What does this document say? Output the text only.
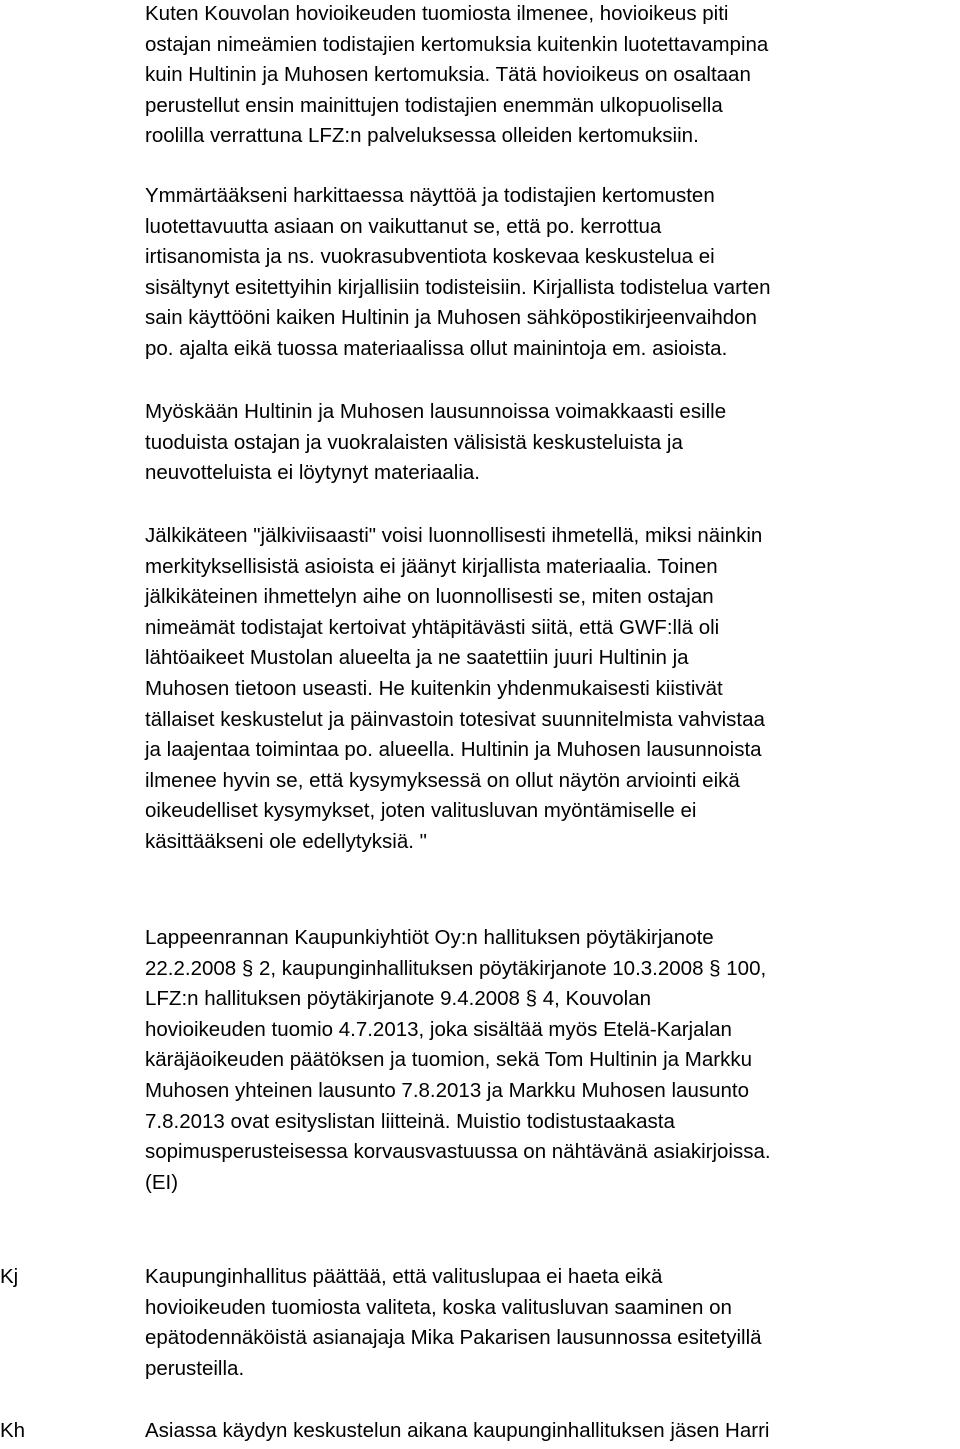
Kuten Kouvolan hovioikeuden tuomiosta ilmenee, hovioikeus piti
ostajan nimeämien todistajien kertomuksia kuitenkin luotettavampina
kuin Hultinin ja Muhosen kertomuksia. Tätä hovioikeus on osaltaan
perustellut ensin mainittujen todistajien enemmän ulkopuolisella
roolilla verrattuna LFZ:n palveluksessa olleiden kertomuksiin.
Ymmärtääkseni harkittaessa näyttöä ja todistajien kertomusten
luotettavuutta asiaan on vaikuttanut se, että po. kerrottua
irtisanomista ja ns. vuokrasubventiota koskevaa keskustelua ei
sisältynyt esitettyihin kirjallisiin todisteisiin. Kirjallista todistelua varten
sain käyttööni kaiken Hultinin ja Muhosen sähköpostikirjeenvaihdon
po. ajalta eikä tuossa materiaalissa ollut mainintoja em. asioista.
Myöskään Hultinin ja Muhosen lausunnoissa voimakkaasti esille
tuoduista ostajan ja vuokralaisten välisistä keskusteluista ja
neuvotteluista ei löytynyt materiaalia.
Jälkikäteen "jälkiviisaasti" voisi luonnollisesti ihmetellä, miksi näinkin
merkityksellisistä asioista ei jäänyt kirjallista materiaalia. Toinen
jälkikäteinen ihmettelyn aihe on luonnollisesti se, miten ostajan
nimeämät todistajat kertoivat yhtäpitävästi siitä, että GWF:llä oli
lähtöaikeet Mustolan alueelta ja ne saatettiin juuri Hultinin ja
Muhosen tietoon useasti. He kuitenkin yhdenmukaisesti kiistivät
tällaiset keskustelut ja päinvastoin totesivat suunnitelmista vahvistaa
ja laajentaa toimintaa po. alueella. Hultinin ja Muhosen lausunnoista
ilmenee hyvin se, että kysymyksessä on ollut näytön arviointi eikä
oikeudelliset kysymykset, joten valitusluvan myöntämiselle ei
käsittääkseni ole edellytyksiä. "
Lappeenrannan Kaupunkiyhtiöt Oy:n hallituksen pöytäkirjanote
22.2.2008 § 2, kaupunginhallituksen pöytäkirjanote 10.3.2008 § 100,
LFZ:n hallituksen pöytäkirjanote 9.4.2008 § 4, Kouvolan
hovioikeuden tuomio 4.7.2013, joka sisältää myös Etelä-Karjalan
käräjäoikeuden päätöksen ja tuomion, sekä Tom Hultinin ja Markku
Muhosen yhteinen lausunto 7.8.2013 ja Markku Muhosen lausunto
7.8.2013 ovat esityslistan liitteinä. Muistio todistustaakasta
sopimusperusteisessa korvausvastuussa on nähtävänä asiakirjoissa.
(EI)
Kj	Kaupunginhallitus päättää, että valituslupaa ei haeta eikä
hovioikeuden tuomiosta valiteta, koska valitusluvan saaminen on
epätodennäköistä asianajaja Mika Pakarisen lausunnossa esitetyillä
perusteilla.
Kh	Asiassa käydyn keskustelun aikana kaupunginhallituksen jäsen Harri
